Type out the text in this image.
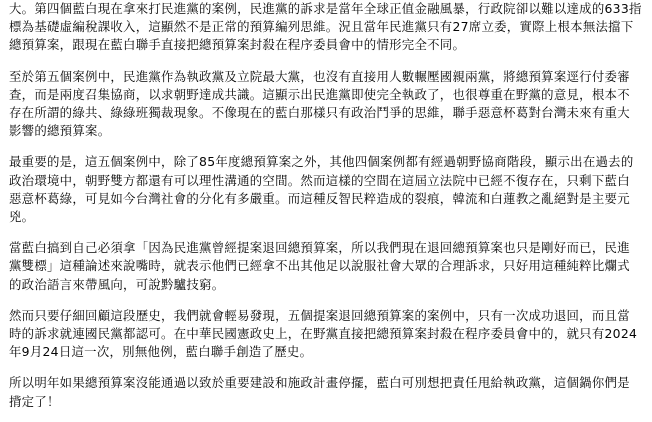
大。第四個藍白現在拿來打民進黨的案例，民進黨的訴求是當年全球正值金融風暴，行政院卻以難以達成的633指標為基礎虛編稅課收入，這顯然不是正常的預算編列思維。況且當年民進黨只有27席立委，實際上根本無法擋下總預算案，跟現在藍白聯手直接把總預算案封殺在程序委員會中的情形完全不同。

至於第五個案例中，民進黨作為執政黨及立院最大黨，也沒有直接用人數輾壓國親兩黨，將總預算案逕行付委審查，而是兩度召集協商，以求朝野達成共識。這顯示出民進黨即使完全執政了，也很尊重在野黨的意見，根本不存在所謂的綠共、綠綠班獨裁現象。不像現在的藍白那樣只有政治鬥爭的思維，聯手惡意杯葛對台灣未來有重大影響的總預算案。

最重要的是，這五個案例中，除了85年度總預算案之外，其他四個案例都有經過朝野協商階段，顯示出在過去的政治環境中，朝野雙方都還有可以理性溝通的空間。然而這樣的空間在這屆立法院中已經不復存在，只剩下藍白惡意杯葛綠，可見如今台灣社會的分化有多嚴重。而這種反智民粹造成的裂痕，韓流和白蓮教之亂絕對是主要元兇。

當藍白搞到自己必須拿「因為民進黨曾經提案退回總預算案，所以我們現在退回總預算案也只是剛好而已，民進黨雙標」這種論述來說嘴時，就表示他們已經拿不出其他足以說服社會大眾的合理訴求，只好用這種純粹比爛式的政治語言來帶風向，可說黔驢技窮。

然而只要仔細回顧這段歷史，我們就會輕易發現，五個提案退回總預算案的案例中，只有一次成功退回，而且當時的訴求就連國民黨都認可。在中華民國憲政史上，在野黨直接把總預算案封殺在程序委員會中的，就只有2024年9月24日這一次，別無他例，藍白聯手創造了歷史。

所以明年如果總預算案沒能通過以致於重要建設和施政計畫停擺，藍白可別想把責任甩給執政黨，這個鍋你們是揹定了！
